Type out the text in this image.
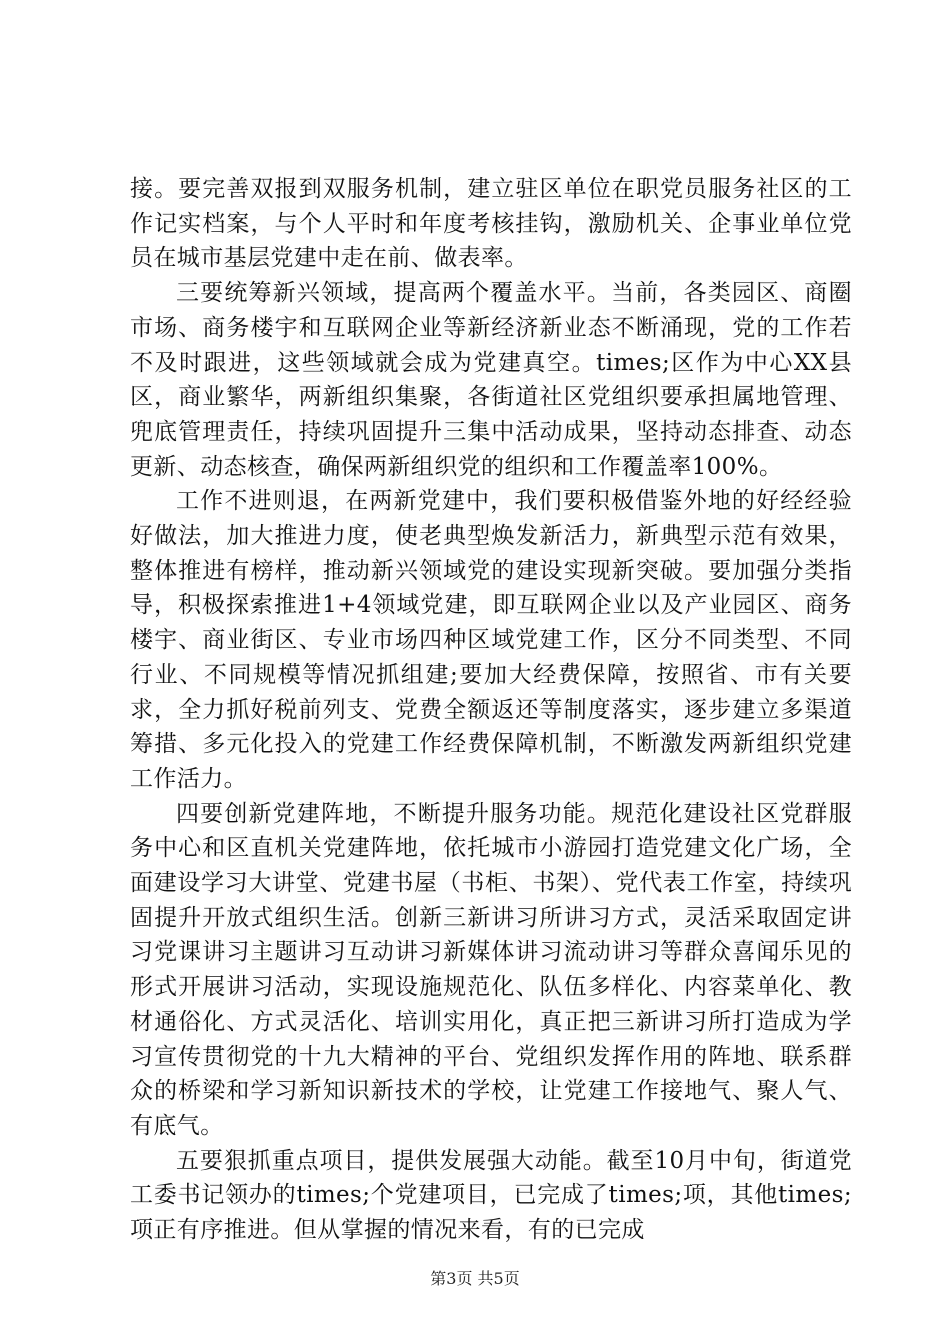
接。要完善双报到双服务机制，建立驻区单位在职党员服务社区的工作记实档案，与个人平时和年度考核挂钩，激励机关、企事业单位党员在城市基层党建中走在前、做表率。

三要统筹新兴领域，提高两个覆盖水平。当前，各类园区、商圈市场、商务楼宇和互联网企业等新经济新业态不断涌现，党的工作若不及时跟进，这些领域就会成为党建真空。times;区作为中心XX县区，商业繁华，两新组织集聚，各街道社区党组织要承担属地管理、兜底管理责任，持续巩固提升三集中活动成果，坚持动态排查、动态更新、动态核查，确保两新组织党的组织和工作覆盖率100%。

工作不进则退，在两新党建中，我们要积极借鉴外地的好经经验好做法，加大推进力度，使老典型焕发新活力，新典型示范有效果，整体推进有榜样，推动新兴领域党的建设实现新突破。要加强分类指导，积极探索推进1+4领域党建，即互联网企业以及产业园区、商务楼宇、商业街区、专业市场四种区域党建工作，区分不同类型、不同行业、不同规模等情况抓组建;要加大经费保障，按照省、市有关要求，全力抓好税前列支、党费全额返还等制度落实，逐步建立多渠道筹措、多元化投入的党建工作经费保障机制，不断激发两新组织党建工作活力。

四要创新党建阵地，不断提升服务功能。规范化建设社区党群服务中心和区直机关党建阵地，依托城市小游园打造党建文化广场，全面建设学习大讲堂、党建书屋（书柜、书架）、党代表工作室，持续巩固提升开放式组织生活。创新三新讲习所讲习方式，灵活采取固定讲习党课讲习主题讲习互动讲习新媒体讲习流动讲习等群众喜闻乐见的形式开展讲习活动，实现设施规范化、队伍多样化、内容菜单化、教材通俗化、方式灵活化、培训实用化，真正把三新讲习所打造成为学习宣传贯彻党的十九大精神的平台、党组织发挥作用的阵地、联系群众的桥梁和学习新知识新技术的学校，让党建工作接地气、聚人气、有底气。

五要狠抓重点项目，提供发展强大动能。截至10月中旬，街道党工委书记领办的times;个党建项目，已完成了times;项，其他times;项正有序推进。但从掌握的情况来看，有的已完成

第3页 共5页
